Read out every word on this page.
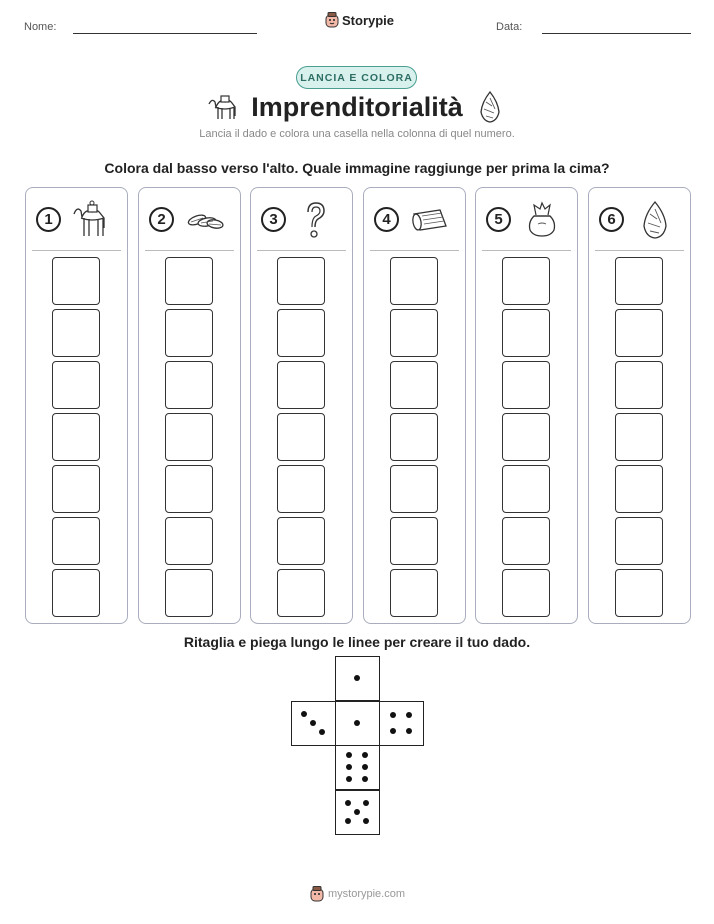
Nome:	Storypie	Data:
LANCIA E COLORA
Imprenditorialità
Lancia il dado e colora una casella nella colonna di quel numero.
Colora dal basso verso l'alto. Quale immagine raggiunge per prima la cima?
1	2	3	4	5	6
Ritaglia e piega lungo le linee per creare il tuo dado.
mystorypie.com
